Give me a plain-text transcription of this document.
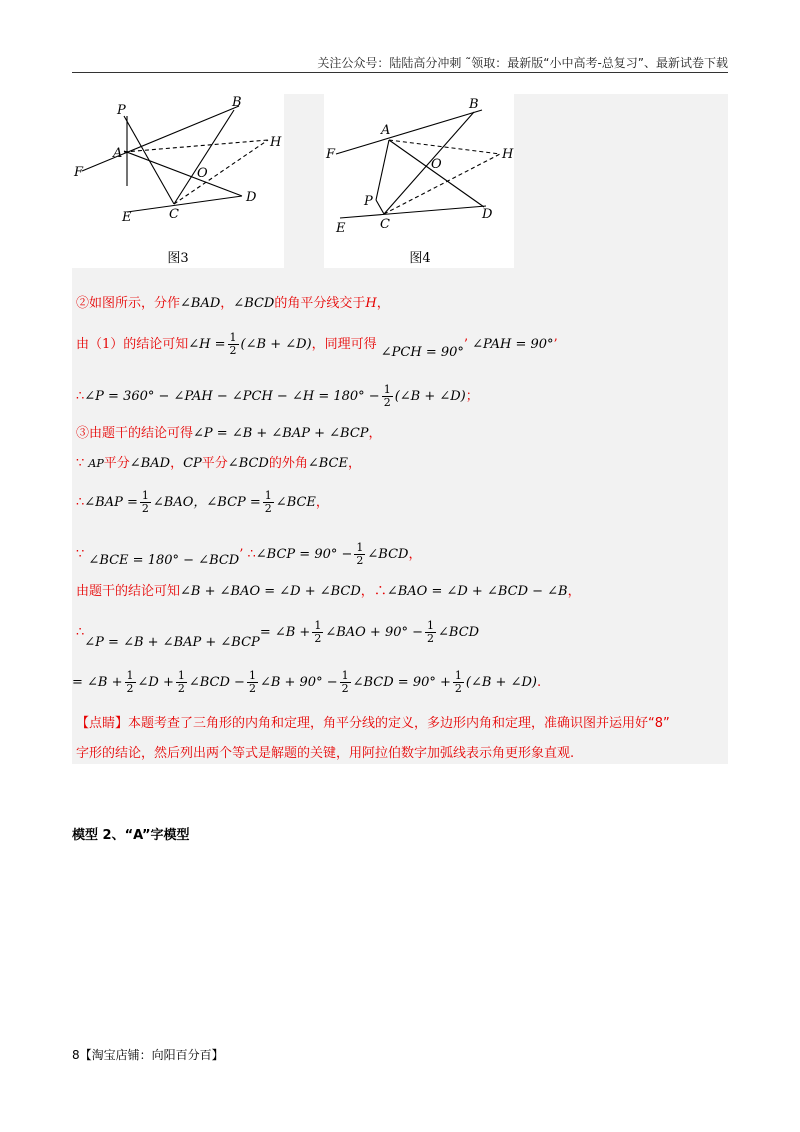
关注公众号：陆陆高分冲刺 ˜领取：最新版“小中高考-总复习”、最新试卷下载
P
B
A
H
F	O
D
E	C
图3
B
A
F	H
O
P
D
E	C
图4
②如图所示，分作∠BAD，∠BCD的角平分线交于H，
由（1）的结论可知∠H = $\frac{1}{2}$ (∠B + ∠D)，同理可得 ∠PCH = 90°’ ∠PAH = 90°’
∴∠P = 360° − ∠PAH − ∠PCH − ∠H = $180^\circ - \frac{1}{2}$ (∠B + ∠D)；
③由题干的结论可得∠P = ∠B + ∠BAP + ∠BCP，
∵ AP平分∠BAD，CP平分∠BCD的外角∠BCE，
∴∠BAP = $\frac{1}{2}$ ∠BAO，∠BCP = $\frac{1}{2}$ ∠BCE，
∵ ∠BCE = 180° − ∠BCD’ ∴∠BCP = $90^\circ - \frac{1}{2}$ ∠BCD，
由题干的结论可知∠B + ∠BAO = ∠D + ∠BCD，∴∠BAO = ∠D + ∠BCD − ∠B，
∴∠P = ∠B + ∠BAP + ∠BCP= ∠B + $\frac{1}{2}$ ∠BAO + $90^\circ - \frac{1}{2}$ ∠BCD
= ∠B + $\frac{1}{2}$ ∠D + $\frac{1}{2}$ ∠BCD − $\frac{1}{2}$ ∠B + $90^\circ - \frac{1}{2}$ ∠BCD = $90^\circ + \frac{1}{2}$ (∠B + ∠D).
【点睛】本题考查了三角形的内角和定理，角平分线的定义，多边形内角和定理，准确识图并运用好“8”
字形的结论，然后列出两个等式是解题的关键，用阿拉伯数字加弧线表示角更形象直观.
模型 2、“A”字模型
8【淘宝店铺：向阳百分百】
